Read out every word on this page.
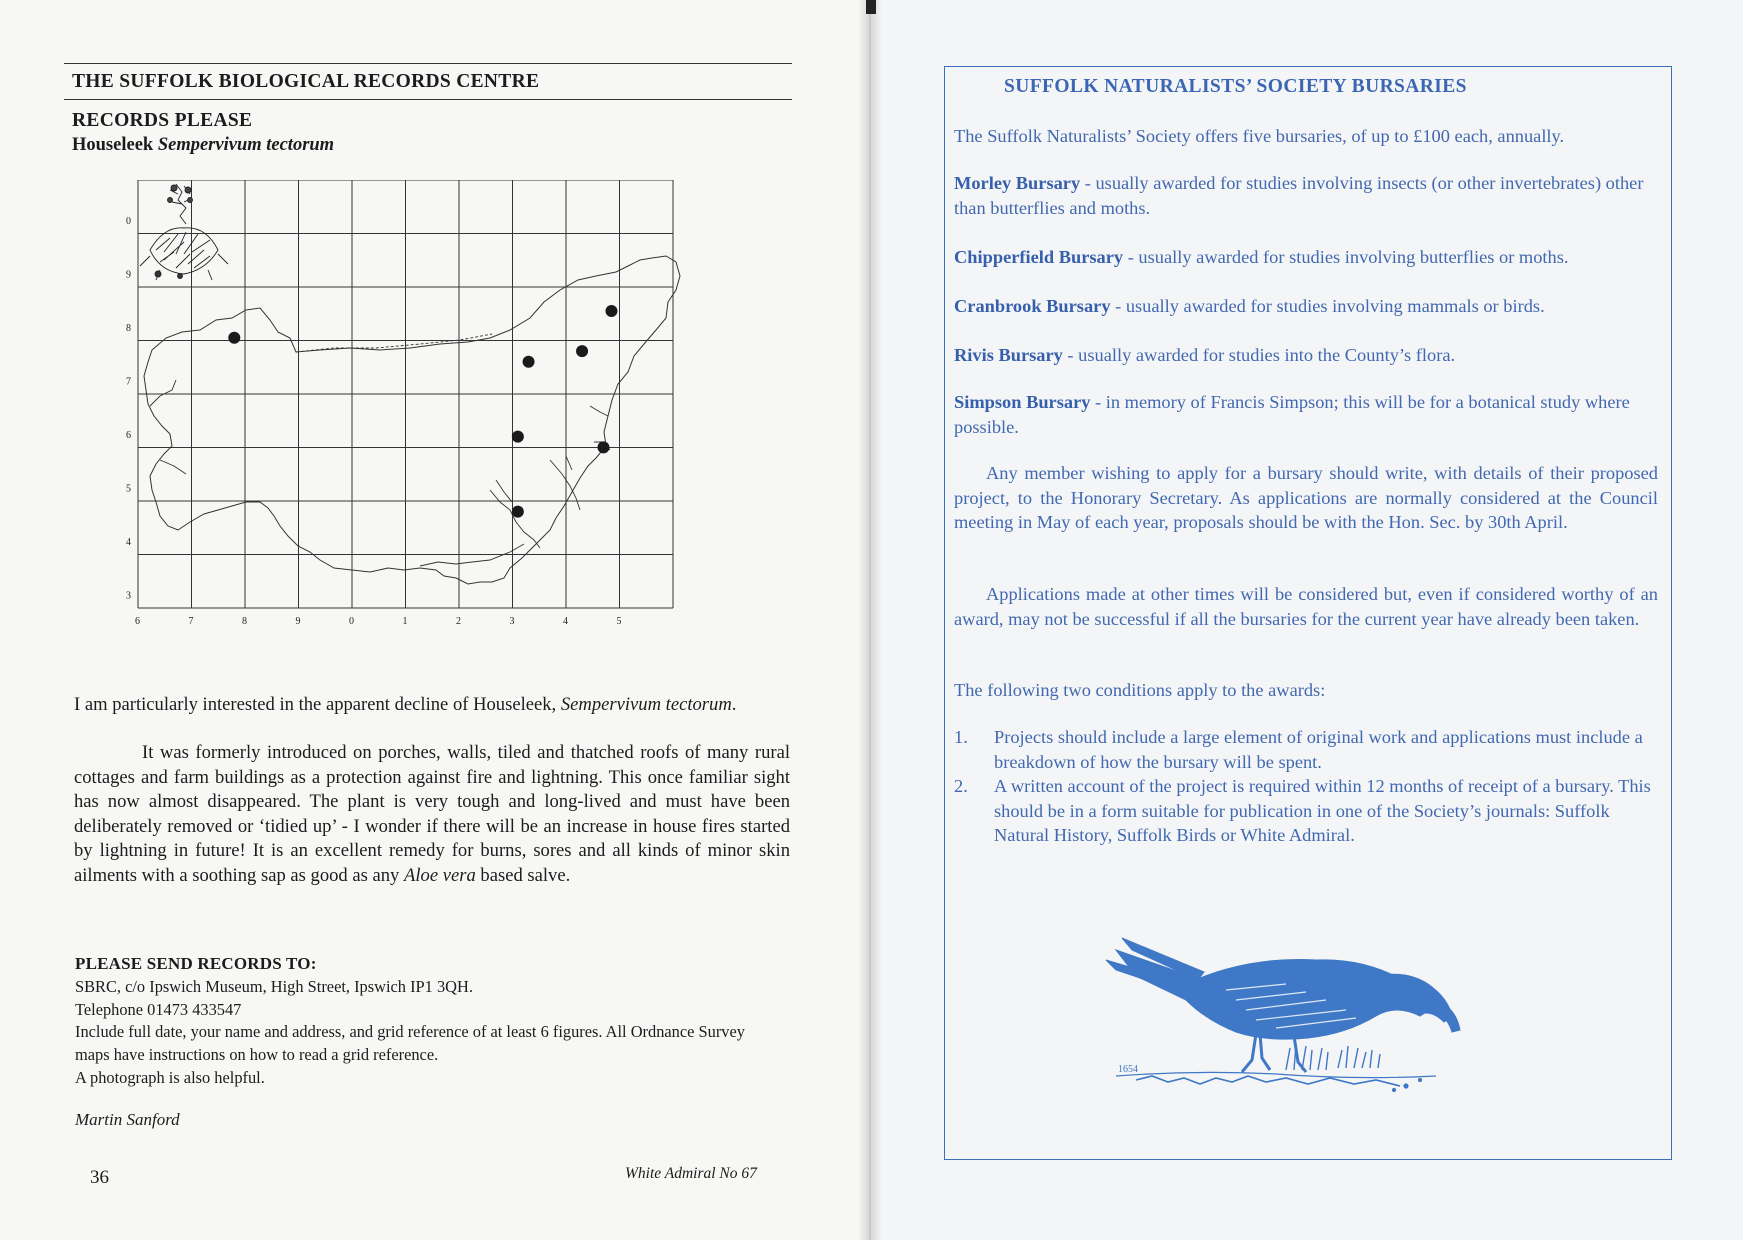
THE SUFFOLK BIOLOGICAL RECORDS CENTRE
RECORDS PLEASE
Houseleek Sempervivum tectorum
6	7	8	9	0	1	2	3	4	5
0
9
8
7
6
5
4
3
I am particularly interested in the apparent decline of Houseleek, Sempervivum tectorum.
It was formerly introduced on porches, walls, tiled and thatched roofs of many rural cottages and farm buildings as a protection against fire and lightning. This once familiar sight has now almost disappeared. The plant is very tough and long-lived and must have been deliberately removed or ‘tidied up’ - I wonder if there will be an increase in house fires started by lightning in future! It is an excellent remedy for burns, sores and all kinds of minor skin ailments with a soothing sap as good as any Aloe vera based salve.
PLEASE SEND RECORDS TO:
SBRC, c/o Ipswich Museum, High Street, Ipswich IP1 3QH.
Telephone 01473 433547
Include full date, your name and address, and grid reference of at least 6 figures. All Ordnance Survey maps have instructions on how to read a grid reference.
A photograph is also helpful.
Martin Sanford
36	White Admiral No 67
SUFFOLK NATURALISTS’ SOCIETY BURSARIES
The Suffolk Naturalists’ Society offers five bursaries, of up to £100 each, annually.
Morley Bursary - usually awarded for studies involving insects (or other invertebrates) other than butterflies and moths.
Chipperfield Bursary - usually awarded for studies involving butterflies or moths.
Cranbrook Bursary - usually awarded for studies involving mammals or birds.
Rivis Bursary - usually awarded for studies into the County’s flora.
Simpson Bursary - in memory of Francis Simpson; this will be for a botanical study where possible.
Any member wishing to apply for a bursary should write, with details of their proposed project, to the Honorary Secretary. As applications are normally considered at the Council meeting in May of each year, proposals should be with the Hon. Sec. by 30th April.
Applications made at other times will be considered but, even if considered worthy of an award, may not be successful if all the bursaries for the current year have already been taken.
The following two conditions apply to the awards:
1. Projects should include a large element of original work and applications must include a breakdown of how the bursary will be spent.
2. A written account of the project is required within 12 months of receipt of a bursary. This should be in a form suitable for publication in one of the Society’s journals: Suffolk Natural History, Suffolk Birds or White Admiral.
1654
